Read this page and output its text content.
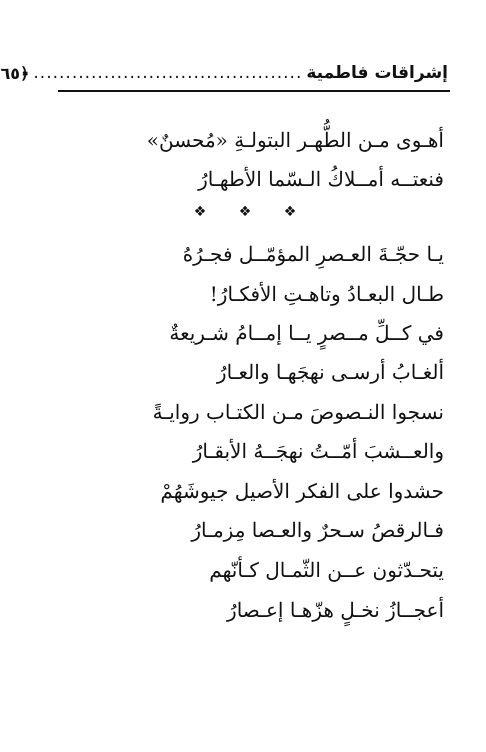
إشراقات فاطمية
..........................................
﴿٦٥
أهـوى مـن الطُّهـر البتولـةِ «مُحسنٌ»
فنعتــه أمــلاكُ الـسّما الأطهـارُ
❖ ❖ ❖
يـا حجّـةَ العـصرِ المؤمّــل فجـرُهُ
طـال البعـادُ وتاهـتِ الأفكـارُ!
في كــلِّ مــصرٍ يــا إمــامُ شـريعةٌ
ألغـابُ أرسـى نهجَهـا والعـارُ
نسجوا النـصوصَ مـن الكتـاب روايـةً
والعــشبَ أمّــتُ نهجَــهُ الأبقـارُ
حشدوا على الفكر الأصيل جيوشَهُمْ
فـالرقصُ سـحرٌ والعـصا مِزمـارُ
يتحـدّثون عــن الثّمـال كـأنّهم
أعجــازُ نخـلٍ هزّهـا إعـصارُ
